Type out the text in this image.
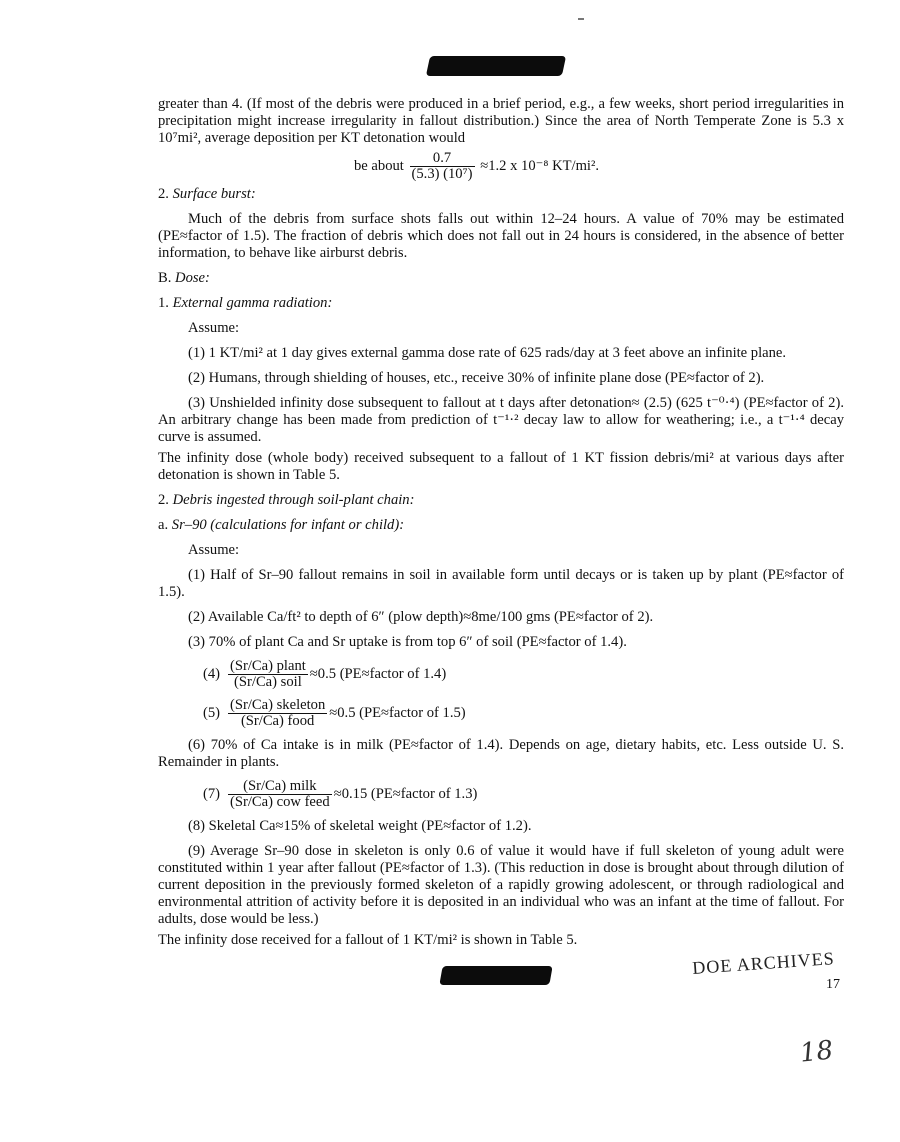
greater than 4. (If most of the debris were produced in a brief period, e.g., a few weeks, short period irregularities in precipitation might increase irregularity in fallout distribution.) Since the area of North Temperate Zone is 5.3 x 10⁷mi², average deposition per KT detonation would

be about $\frac{0.7}{\text{(5.3) (10⁷)}} \approx 1.2$ x 10⁻⁸ KT/mi².

2. Surface burst:

Much of the debris from surface shots falls out within 12–24 hours. A value of 70% may be estimated (PE≈factor of 1.5). The fraction of debris which does not fall out in 24 hours is considered, in the absence of better information, to behave like airburst debris.

B. Dose:

1. External gamma radiation:

Assume:

(1) 1 KT/mi² at 1 day gives external gamma dose rate of 625 rads/day at 3 feet above an infinite plane.

(2) Humans, through shielding of houses, etc., receive 30% of infinite plane dose (PE≈factor of 2).

(3) Unshielded infinity dose subsequent to fallout at t days after detonation≈ (2.5) (625 t⁻⁰·⁴) (PE≈factor of 2). An arbitrary change has been made from prediction of t⁻¹·² decay law to allow for weathering; i.e., a t⁻¹·⁴ decay curve is assumed.

The infinity dose (whole body) received subsequent to a fallout of 1 KT fission debris/mi² at various days after detonation is shown in Table 5.

2. Debris ingested through soil-plant chain:

a. Sr–90 (calculations for infant or child):

Assume:

(1) Half of Sr–90 fallout remains in soil in available form until decays or is taken up by plant (PE≈factor of 1.5).

(2) Available Ca/ft² to depth of 6″ (plow depth)≈8me/100 gms (PE≈factor of 2).

(3) 70% of plant Ca and Sr uptake is from top 6″ of soil (PE≈factor of 1.4).

$(4) \frac{\text{(Sr/Ca) plant}}{\text{(Sr/Ca) soil}} \approx 0.5$ (PE≈factor of 1.4)
$(5) \frac{\text{(Sr/Ca) skeleton}}{\text{(Sr/Ca) food}} \approx 0.5$ (PE≈factor of 1.5)

(6) 70% of Ca intake is in milk (PE≈factor of 1.4). Depends on age, dietary habits, etc. Less outside U. S. Remainder in plants.

$(7) \frac{\text{(Sr/Ca) milk}}{\text{(Sr/Ca) cow feed}} \approx 0.15$ (PE≈factor of 1.3)

(8) Skeletal Ca≈15% of skeletal weight (PE≈factor of 1.2).

(9) Average Sr–90 dose in skeleton is only 0.6 of value it would have if full skeleton of young adult were constituted within 1 year after fallout (PE≈factor of 1.3). (This reduction in dose is brought about through dilution of current deposition in the previously formed skeleton of a rapidly growing adolescent, or through radiological and environmental attrition of activity before it is deposited in an individual who was an infant at the time of fallout. For adults, dose would be less.)

The infinity dose received for a fallout of 1 KT/mi² is shown in Table 5.

DOE ARCHIVES
17
18
